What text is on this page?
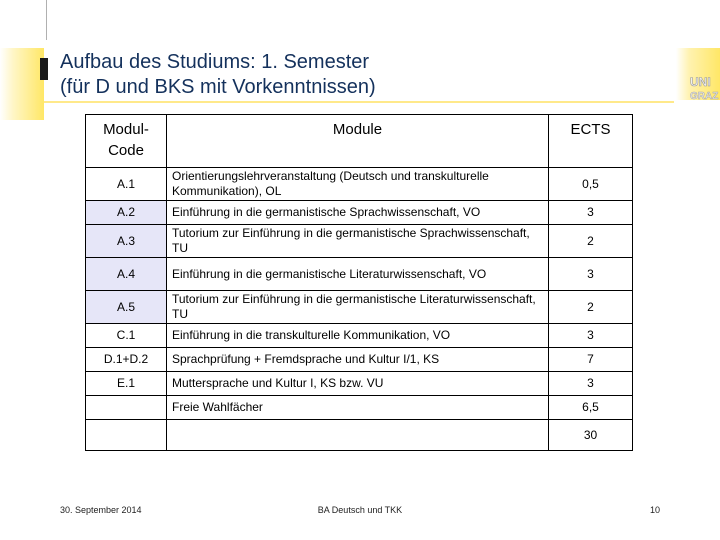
UNI
GRAZ
Aufbau des Studiums: 1. Semester
(für D und BKS mit Vorkenntnissen)
Modul-
Code	Module	ECTS
A.1	Orientierungslehrveranstaltung (Deutsch und transkulturelle Kommunikation), OL	0,5
A.2	Einführung in die germanistische Sprachwissenschaft, VO	3
A.3	Tutorium zur Einführung in die germanistische Sprachwissenschaft, TU	2
A.4	Einführung in die germanistische Literaturwissenschaft, VO	3
A.5	Tutorium zur Einführung in die germanistische Literaturwissenschaft, TU	2
C.1	Einführung in die transkulturelle Kommunikation, VO	3
D.1+D.2	Sprachprüfung + Fremdsprache und Kultur I/1, KS	7
E.1	Muttersprache und Kultur I, KS bzw. VU	3
	Freie Wahlfächer	6,5
		30
30. September 2014	BA Deutsch und TKK	10
